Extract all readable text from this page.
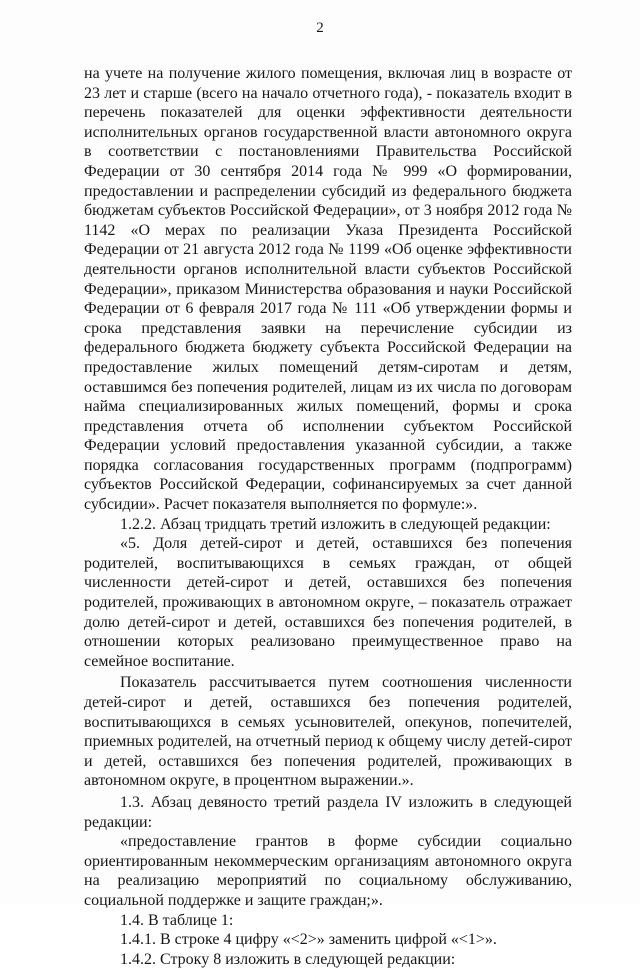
2

на учете на получение жилого помещения, включая лиц в возрасте от 23 лет и старше (всего на начало отчетного года), - показатель входит в перечень показателей для оценки эффективности деятельности исполнительных органов государственной власти автономного округа в соответствии с постановлениями Правительства Российской Федерации от 30 сентября 2014 года № 999 «О формировании, предоставлении и распределении субсидий из федерального бюджета бюджетам субъектов Российской Федерации», от 3 ноября 2012 года № 1142 «О мерах по реализации Указа Президента Российской Федерации от 21 августа 2012 года № 1199 «Об оценке эффективности деятельности органов исполнительной власти субъектов Российской Федерации», приказом Министерства образования и науки Российской Федерации от 6 февраля 2017 года № 111 «Об утверждении формы и срока представления заявки на перечисление субсидии из федерального бюджета бюджету субъекта Российской Федерации на предоставление жилых помещений детям-сиротам и детям, оставшимся без попечения родителей, лицам из их числа по договорам найма специализированных жилых помещений, формы и срока представления отчета об исполнении субъектом Российской Федерации условий предоставления указанной субсидии, а также порядка согласования государственных программ (подпрограмм) субъектов Российской Федерации, софинансируемых за счет данной субсидии». Расчет показателя выполняется по формуле:».

1.2.2. Абзац тридцать третий изложить в следующей редакции:

«5. Доля детей-сирот и детей, оставшихся без попечения родителей, воспитывающихся в семьях граждан, от общей численности детей-сирот и детей, оставшихся без попечения родителей, проживающих в автономном округе, – показатель отражает долю детей-сирот и детей, оставшихся без попечения родителей, в отношении которых реализовано преимущественное право на семейное воспитание.

Показатель рассчитывается путем соотношения численности детей-сирот и детей, оставшихся без попечения родителей, воспитывающихся в семьях усыновителей, опекунов, попечителей, приемных родителей, на отчетный период к общему числу детей-сирот и детей, оставшихся без попечения родителей, проживающих в автономном округе, в процентном выражении.».

1.3. Абзац девяносто третий раздела IV изложить в следующей редакции:

«предоставление грантов в форме субсидии социально ориентированным некоммерческим организациям автономного округа на реализацию мероприятий по социальному обслуживанию, социальной поддержке и защите граждан;».

1.4. В таблице 1:

1.4.1. В строке 4 цифру «<2>» заменить цифрой «<1>».

1.4.2. Строку 8 изложить в следующей редакции:
